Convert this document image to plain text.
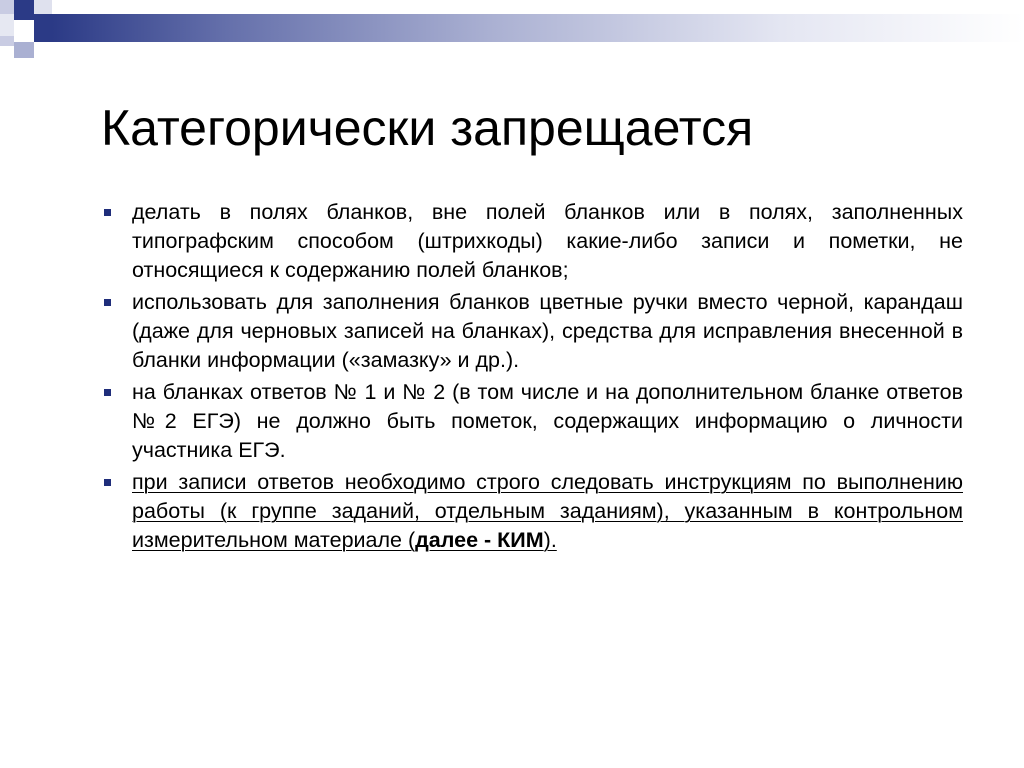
Категорически запрещается
делать в полях бланков, вне полей бланков или в полях, заполненных типографским способом (штрихкоды) какие-либо записи и пометки, не относящиеся к содержанию полей бланков;
использовать для заполнения бланков цветные ручки вместо черной, карандаш (даже для черновых записей на бланках), средства для исправления внесенной в бланки информации («замазку» и др.).
на бланках ответов № 1 и № 2 (в том числе и на дополнительном бланке ответов №2 ЕГЭ) не должно быть пометок, содержащих информацию о личности участника ЕГЭ.
при записи ответов необходимо строго следовать инструкциям по выполнению работы (к группе заданий, отдельным заданиям), указанным в контрольном измерительном материале (далее - КИМ).
